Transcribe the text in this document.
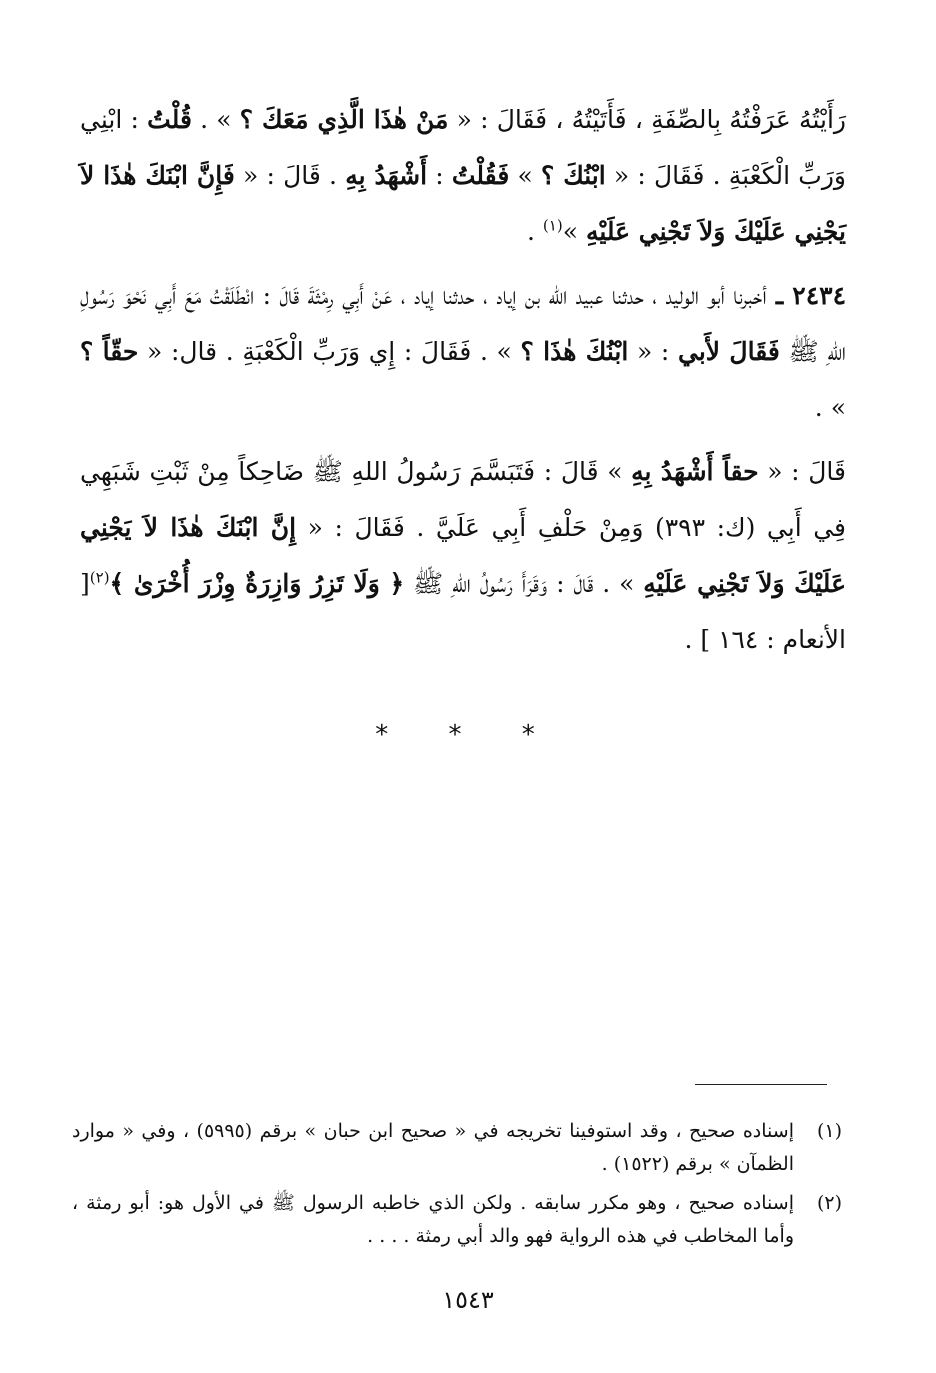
رَأَيْتُهُ عَرَفْتُهُ بِالصِّفَةِ ، فَأَتَيْتُهُ ، فَقَالَ : « مَنْ هٰذَا الَّذِي مَعَكَ ؟ » . قُلْتُ : ابْنِي وَرَبِّ الْكَعْبَةِ . فَقَالَ : « ابْنُكَ ؟ » فَقُلْتُ : أَشْهَدُ بِهِ . قَالَ : « فَإِنَّ ابْنَكَ هٰذَا لاَ يَجْنِي عَلَيْكَ وَلاَ تَجْنِي عَلَيْهِ »$^{(١)}$ .

٢٤٣٤ ـ أخبرنا أبو الوليد ، حدثنا عبيد الله بن إياد ، حدثنا إياد ، عَنْ أَبِي رِمْثَةَ قَالَ : انْطَلَقْتُ مَعَ أَبِي نَحْوَ رَسُولِ اللهِ ﷺ فَقَالَ لأَبي : « ابْنُكَ هٰذَا ؟ » . فَقَالَ : إِي وَرَبِّ الْكَعْبَةِ . قال: « حقّاً ؟ » .

قَالَ : « حقاً أَشْهَدُ بِهِ » قَالَ : فَتَبَسَّمَ رَسُولُ اللهِ ﷺ ضَاحِكاً مِنْ ثَبْتِ شَبَهِي فِي أَبِي (ك: ٣٩٣) وَمِنْ حَلْفِ أَبِي عَلَيَّ . فَقَالَ : « إِنَّ ابْنَكَ هٰذَا لاَ يَجْنِي عَلَيْكَ وَلاَ تَجْنِي عَلَيْهِ » . قَالَ : وَقَرَأَ رَسُولُ اللهِ ﷺ ﴿ وَلَا تَزِرُ وَازِرَةٌ وِزْرَ أُخْرَىٰ ﴾$^{(٢)}$[ الأنعام : ١٦٤ ] .

* * *
(١)
إسناده صحيح ، وقد استوفينا تخريجه في « صحيح ابن حبان » برقم (٥٩٩٥) ، وفي « موارد الظمآن » برقم (١٥٢٢) .
(٢)
إسناده صحيح ، وهو مكرر سابقه . ولكن الذي خاطبه الرسول ﷺ في الأول هو: أبو رمثة ، وأما المخاطب في هذه الرواية فهو والد أبي رمثة . . . .
١٥٤٣
